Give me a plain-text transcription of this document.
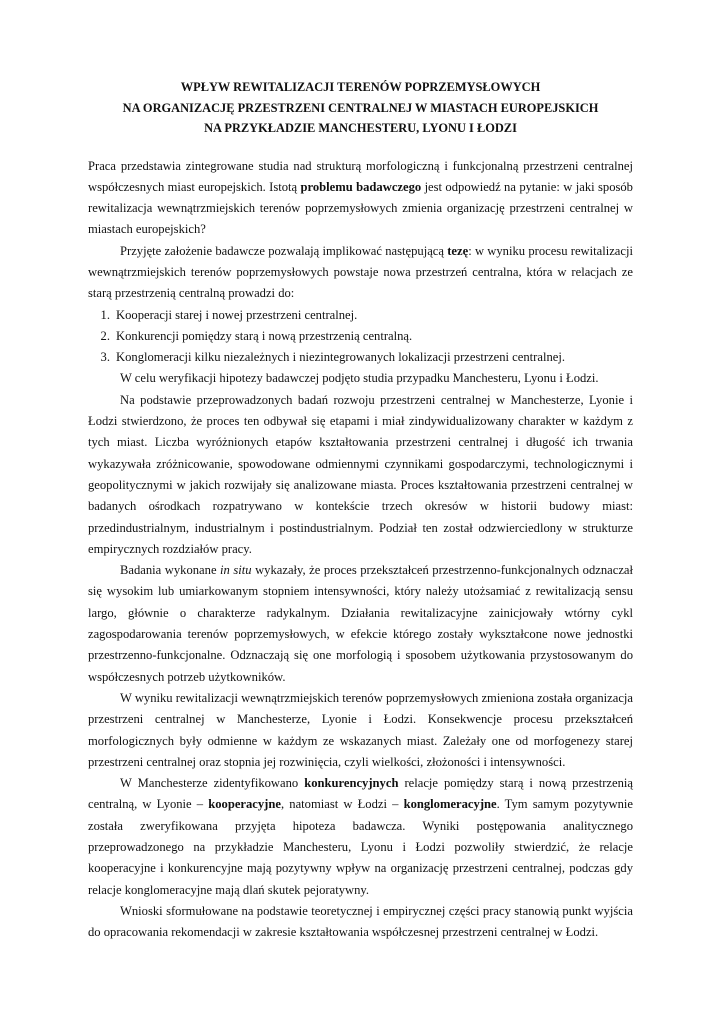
WPŁYW REWITALIZACJI TERENÓW POPRZEMYSŁOWYCH
NA ORGANIZACJĘ PRZESTRZENI CENTRALNEJ W MIASTACH EUROPEJSKICH
NA PRZYKŁADZIE MANCHESTERU, LYONU I ŁODZI

Praca przedstawia zintegrowane studia nad strukturą morfologiczną i funkcjonalną przestrzeni centralnej współczesnych miast europejskich. Istotą problemu badawczego jest odpowiedź na pytanie: w jaki sposób rewitalizacja wewnątrzmiejskich terenów poprzemysłowych zmienia organizację przestrzeni centralnej w miastach europejskich?

Przyjęte założenie badawcze pozwalają implikować następującą tezę: w wyniku procesu rewitalizacji wewnątrzmiejskich terenów poprzemysłowych powstaje nowa przestrzeń centralna, która w relacjach ze starą przestrzenią centralną prowadzi do:

1. Kooperacji starej i nowej przestrzeni centralnej.
2. Konkurencji pomiędzy starą i nową przestrzenią centralną.
3. Konglomeracji kilku niezależnych i niezintegrowanych lokalizacji przestrzeni centralnej.

W celu weryfikacji hipotezy badawczej podjęto studia przypadku Manchesteru, Lyonu i Łodzi.

Na podstawie przeprowadzonych badań rozwoju przestrzeni centralnej w Manchesterze, Lyonie i Łodzi stwierdzono, że proces ten odbywał się etapami i miał zindywidualizowany charakter w każdym z tych miast. Liczba wyróżnionych etapów kształtowania przestrzeni centralnej i długość ich trwania wykazywała zróżnicowanie, spowodowane odmiennymi czynnikami gospodarczymi, technologicznymi i geopolitycznymi w jakich rozwijały się analizowane miasta. Proces kształtowania przestrzeni centralnej w badanych ośrodkach rozpatrywano w kontekście trzech okresów w historii budowy miast: przedindustrialnym, industrialnym i postindustrialnym. Podział ten został odzwierciedlony w strukturze empirycznych rozdziałów pracy.

Badania wykonane in situ wykazały, że proces przekształceń przestrzenno-funkcjonalnych odznaczał się wysokim lub umiarkowanym stopniem intensywności, który należy utożsamiać z rewitalizacją sensu largo, głównie o charakterze radykalnym. Działania rewitalizacyjne zainicjowały wtórny cykl zagospodarowania terenów poprzemysłowych, w efekcie którego zostały wykształcone nowe jednostki przestrzenno-funkcjonalne. Odznaczają się one morfologią i sposobem użytkowania przystosowanym do współczesnych potrzeb użytkowników.

W wyniku rewitalizacji wewnątrzmiejskich terenów poprzemysłowych zmieniona została organizacja przestrzeni centralnej w Manchesterze, Lyonie i Łodzi. Konsekwencje procesu przekształceń morfologicznych były odmienne w każdym ze wskazanych miast. Zależały one od morfogenezy starej przestrzeni centralnej oraz stopnia jej rozwinięcia, czyli wielkości, złożoności i intensywności.

W Manchesterze zidentyfikowano konkurencyjnych relacje pomiędzy starą i nową przestrzenią centralną, w Lyonie – kooperacyjne, natomiast w Łodzi – konglomeracyjne. Tym samym pozytywnie została zweryfikowana przyjęta hipoteza badawcza. Wyniki postępowania analitycznego przeprowadzonego na przykładzie Manchesteru, Lyonu i Łodzi pozwoliły stwierdzić, że relacje kooperacyjne i konkurencyjne mają pozytywny wpływ na organizację przestrzeni centralnej, podczas gdy relacje konglomeracyjne mają dlań skutek pejoratywny.

Wnioski sformułowane na podstawie teoretycznej i empirycznej części pracy stanowią punkt wyjścia do opracowania rekomendacji w zakresie kształtowania współczesnej przestrzeni centralnej w Łodzi.
